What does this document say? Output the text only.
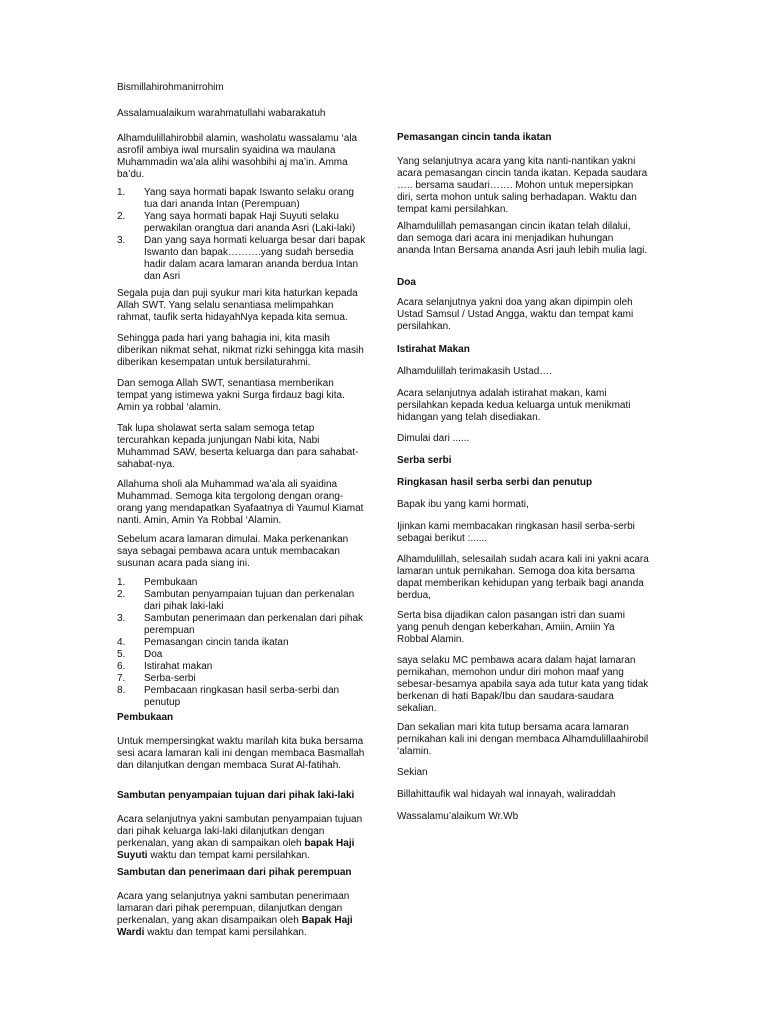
Bismillahirohmanirrohim

Assalamualaikum warahmatullahi wabarakatuh

Alhamdulillahirobbil alamin, washolatu wassalamu ‘ala asrofil ambiya iwal mursalin syaidina wa maulana Muhammadin wa’ala alihi wasohbihi aj ma’in. Amma ba’du.

1. Yang saya hormati bapak Iswanto selaku orang tua dari ananda Intan (Perempuan)
2. Yang saya hormati bapak Haji Suyuti selaku perwakilan orangtua dari ananda Asri (Laki-laki)
3. Dan yang saya hormati keluarga besar dari bapak Iswanto dan bapak……….yang sudah bersedia hadir dalam acara lamaran ananda berdua Intan dan Asri

Segala puja dan puji syukur mari kita haturkan kepada Allah SWT. Yang selalu senantiasa melimpahkan rahmat, taufik serta hidayahNya kepada kita semua.

Sehingga pada hari yang bahagia ini, kita masih diberikan nikmat sehat, nikmat rizki sehingga kita masih diberikan kesempatan untuk bersilaturahmi.

Dan semoga Allah SWT, senantiasa memberikan tempat yang istimewa yakni Surga firdauz bagi kita. Amin ya robbal ‘alamin.

Tak lupa sholawat serta salam semoga tetap tercurahkan kepada junjungan Nabi kita, Nabi Muhammad SAW, beserta keluarga dan para sahabat-sahabat-nya.

Allahuma sholi ala Muhammad wa’ala ali syaidina Muhammad. Semoga kita tergolong dengan orang-orang yang mendapatkan Syafaatnya di Yaumul Kiamat nanti. Amin, Amin Ya Robbal ‘Alamin.

Sebelum acara lamaran dimulai. Maka perkenankan saya sebagai pembawa acara untuk membacakan susunan acara pada siang ini.

1. Pembukaan
2. Sambutan penyampaian tujuan dan perkenalan dari pihak laki-laki
3. Sambutan penerimaan dan perkenalan dari pihak perempuan
4. Pemasangan cincin tanda ikatan
5. Doa
6. Istirahat makan
7. Serba-serbi
8. Pembacaan ringkasan hasil serba-serbi dan penutup

Pembukaan

Untuk mempersingkat waktu marilah kita buka bersama sesi acara lamaran kali ini dengan membaca Basmallah dan dilanjutkan dengan membaca Surat Al-fatihah.

Sambutan penyampaian tujuan dari pihak laki-laki

Acara selanjutnya yakni sambutan penyampaian tujuan dari pihak keluarga laki-laki dilanjutkan dengan perkenalan, yang akan di sampaikan oleh bapak Haji Suyuti waktu dan tempat kami persilahkan.

Sambutan dan penerimaan dari pihak perempuan

Acara yang selanjutnya yakni sambutan penerimaan lamaran dari pihak perempuan, dilanjutkan dengan perkenalan, yang akan disampaikan oleh Bapak Haji Wardi waktu dan tempat kami persilahkan.

Pemasangan cincin tanda ikatan

Yang selanjutnya acara yang kita nanti-nantikan yakni acara pemasangan cincin tanda ikatan. Kepada saudara ….. bersama saudari……. Mohon untuk mepersipkan diri, serta mohon untuk saling berhadapan. Waktu dan tempat kami persilahkan.

Alhamdulillah pemasangan cincin ikatan telah dilalui, dan semoga dari acara ini menjadikan huhungan ananda Intan Bersama ananda Asri jauh lebih mulia lagi.

Doa

Acara selanjutnya yakni doa yang akan dipimpin oleh Ustad Samsul / Ustad Angga, waktu dan tempat kami persilahkan.

Istirahat Makan

Alhamdulillah terimakasih Ustad….

Acara selanjutnya adalah istirahat makan, kami persilahkan kepada kedua keluarga untuk menikmati hidangan yang telah disediakan.

Dimulai dari ......

Serba serbi

Ringkasan hasil serba serbi dan penutup

Bapak ibu yang kami hormati,

Ijinkan kami membacakan ringkasan hasil serba-serbi sebagai berikut :......

Alhamdulillah, selesailah sudah acara kali ini yakni acara lamaran untuk pernikahan. Semoga doa kita bersama dapat memberikan kehidupan yang terbaik bagi ananda berdua,

Serta bisa dijadikan calon pasangan istri dan suami yang penuh dengan keberkahan, Amiin, Amiin Ya Robbal Alamin.

saya selaku MC pembawa acara dalam hajat lamaran pernikahan, memohon undur diri mohon maaf yang sebesar-besarnya apabila saya ada tutur kata yang tidak berkenan di hati Bapak/Ibu dan saudara-saudara sekalian.

Dan sekalian mari kita tutup bersama acara lamaran pernikahan kali ini dengan membaca Alhamdulillaahirobil ‘alamin.

Sekian

Billahittaufik wal hidayah wal innayah, waliraddah

Wassalamu’alaikum Wr.Wb
